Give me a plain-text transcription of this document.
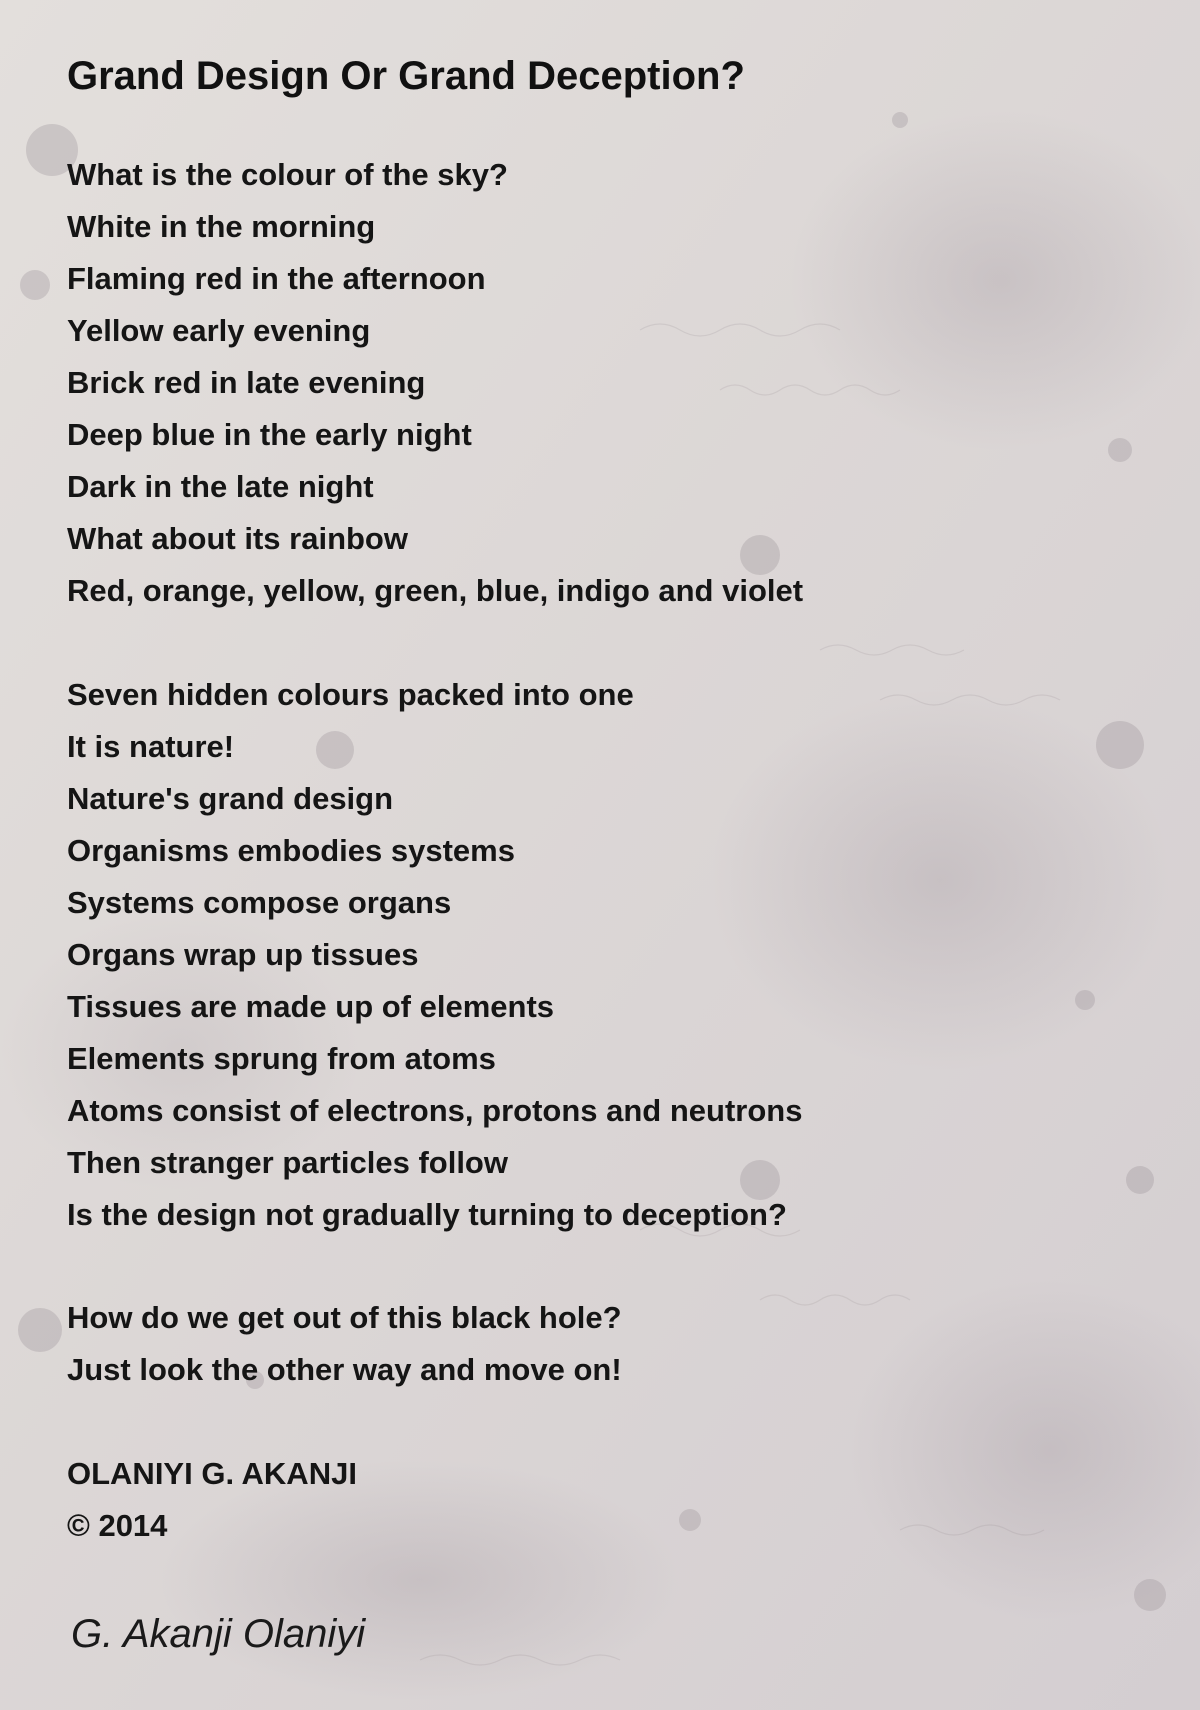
Grand Design Or Grand Deception?
What is the colour of the sky?
White in the morning
Flaming red in the afternoon
Yellow early evening
Brick red in late evening
Deep blue in the early night
Dark in the late night
What about its rainbow
Red, orange, yellow, green, blue, indigo and violet
Seven hidden colours packed into one
It is nature!
Nature's grand design
Organisms embodies systems
Systems compose organs
Organs wrap up tissues
Tissues are made up of elements
Elements sprung from atoms
Atoms consist of electrons, protons and neutrons
Then stranger particles follow
Is the design not gradually turning to deception?
How do we get out of this black hole?
Just look the other way and move on!
OLANIYI G. AKANJI
© 2014
G. Akanji Olaniyi
